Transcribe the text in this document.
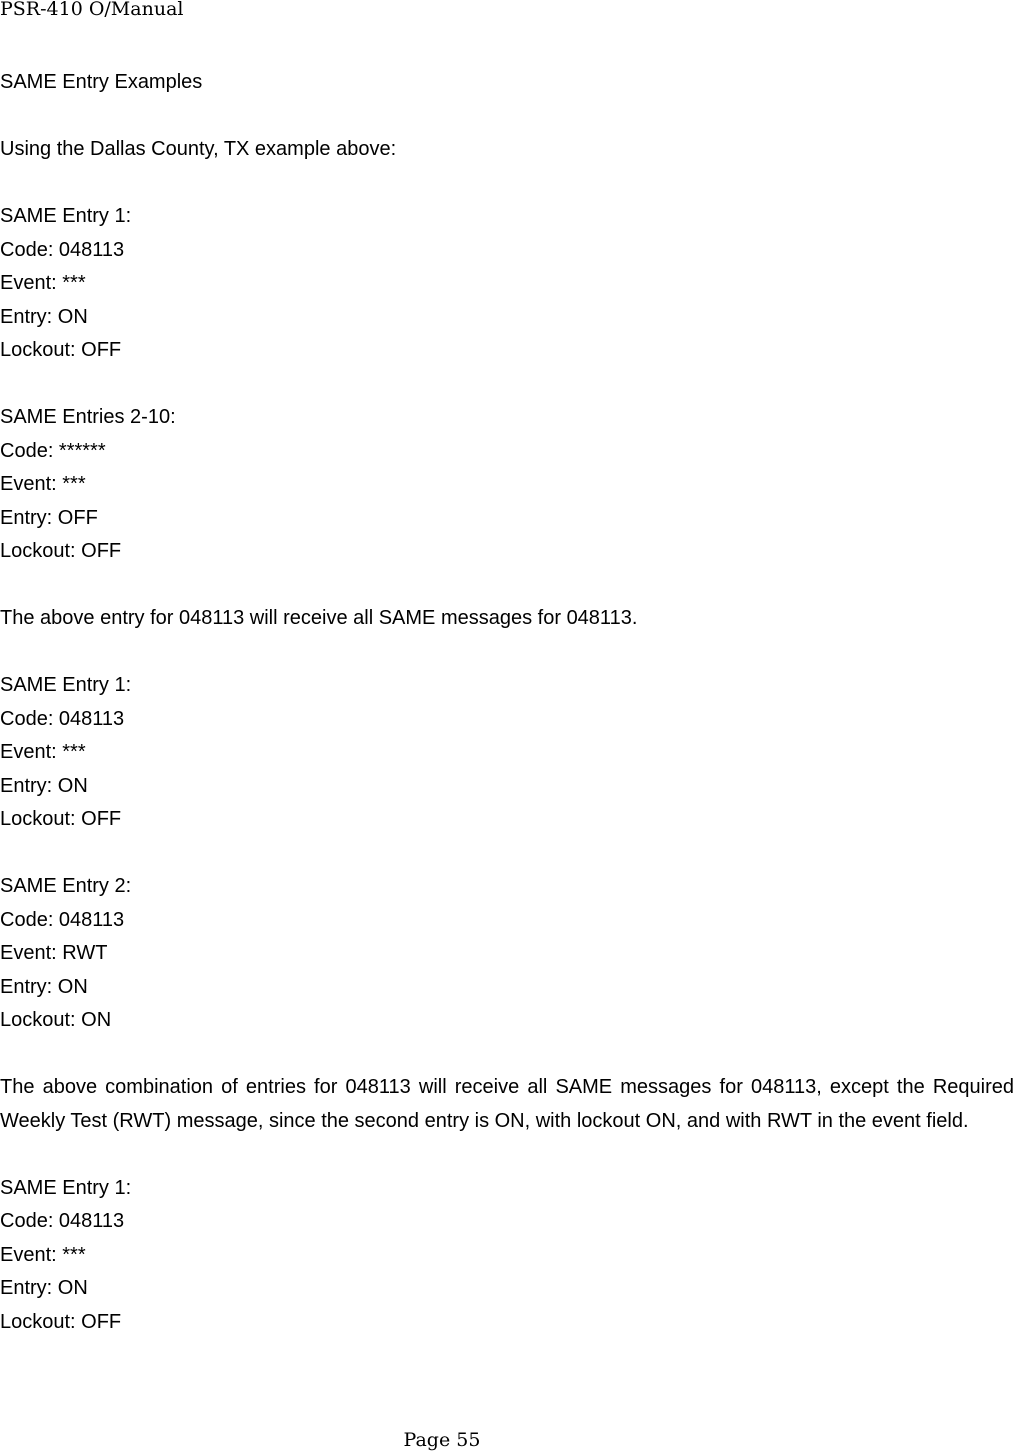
PSR-410 O/Manual
SAME Entry Examples
Using the Dallas County, TX example above:
SAME Entry 1:
Code: 048113
Event: ***
Entry: ON
Lockout: OFF
SAME Entries 2-10:
Code: ******
Event: ***
Entry: OFF
Lockout: OFF
The above entry for 048113 will receive all SAME messages for 048113.
SAME Entry 1:
Code: 048113
Event: ***
Entry: ON
Lockout: OFF
SAME Entry 2:
Code: 048113
Event: RWT
Entry: ON
Lockout: ON

The above combination of entries for 048113 will receive all SAME messages for 048113, except the Required Weekly Test (RWT) message, since the second entry is ON, with lockout ON, and with RWT in the event field.

SAME Entry 1:
Code: 048113
Event: ***
Entry: ON
Lockout: OFF
Page 55
